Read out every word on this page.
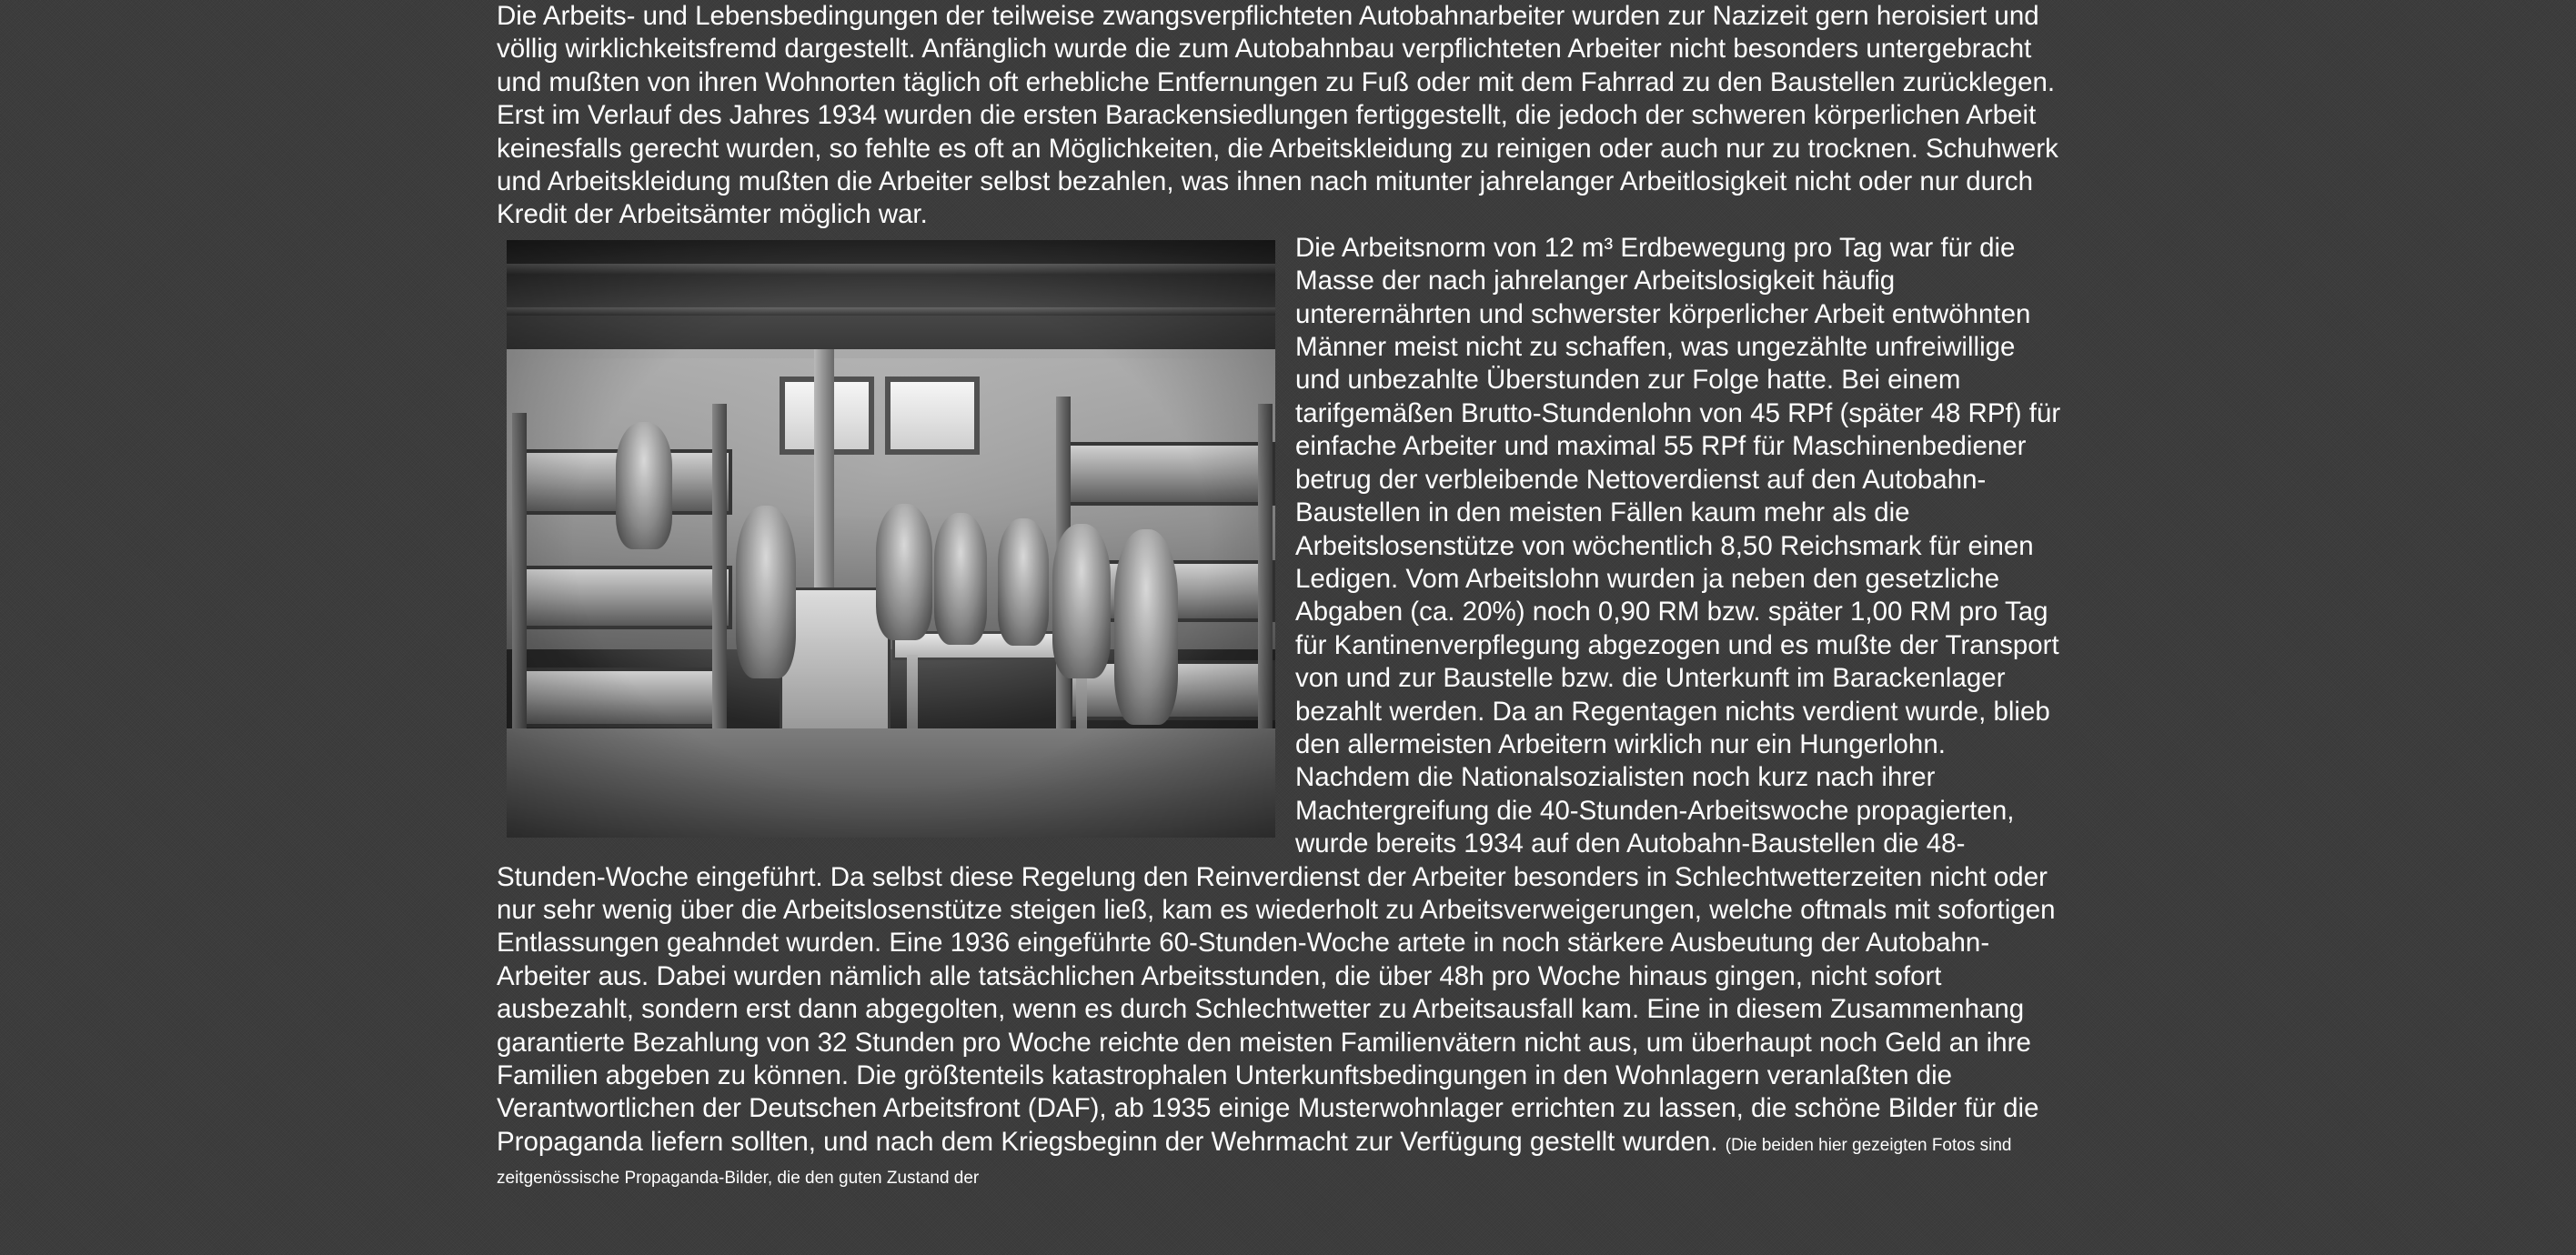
Die Arbeits- und Lebensbedingungen der teilweise zwangsverpflichteten Autobahnarbeiter wurden zur Nazizeit gern heroisiert und völlig wirklichkeitsfremd dargestellt. Anfänglich wurde die zum Autobahnbau verpflichteten Arbeiter nicht besonders untergebracht und mußten von ihren Wohnorten täglich oft erhebliche Entfernungen zu Fuß oder mit dem Fahrrad zu den Baustellen zurücklegen. Erst im Verlauf des Jahres 1934 wurden die ersten Barackensiedlungen fertiggestellt, die jedoch der schweren körperlichen Arbeit keinesfalls gerecht wurden, so fehlte es oft an Möglichkeiten, die Arbeitskleidung zu reinigen oder auch nur zu trocknen. Schuhwerk und Arbeitskleidung mußten die Arbeiter selbst bezahlen, was ihnen nach mitunter jahrelanger Arbeitlosigkeit nicht oder nur durch Kredit der Arbeitsämter möglich war.

Die Arbeitsnorm von 12 m³ Erdbewegung pro Tag war für die Masse der nach jahrelanger Arbeitslosigkeit häufig unterernährten und schwerster körperlicher Arbeit entwöhnten Männer meist nicht zu schaffen, was ungezählte unfreiwillige und unbezahlte Überstunden zur Folge hatte. Bei einem tarifgemäßen Brutto-Stundenlohn von 45 RPf (später 48 RPf) für einfache Arbeiter und maximal 55 RPf für Maschinenbediener betrug der verbleibende Nettoverdienst auf den Autobahn-Baustellen in den meisten Fällen kaum mehr als die Arbeitslosenstütze von wöchentlich 8,50 Reichsmark für einen Ledigen. Vom Arbeitslohn wurden ja neben den gesetzliche Abgaben (ca. 20%) noch 0,90 RM bzw. später 1,00 RM pro Tag für Kantinenverpflegung abgezogen und es mußte der Transport von und zur Baustelle bzw. die Unterkunft im Barackenlager bezahlt werden. Da an Regentagen nichts verdient wurde, blieb den allermeisten Arbeitern wirklich nur ein Hungerlohn. Nachdem die Nationalsozialisten noch kurz nach ihrer Machtergreifung die 40-Stunden-Arbeitswoche propagierten, wurde bereits 1934 auf den Autobahn-Baustellen die 48-Stunden-Woche eingeführt. Da selbst diese Regelung den Reinverdienst der Arbeiter besonders in Schlechtwetterzeiten nicht oder nur sehr wenig über die Arbeitslosenstütze steigen ließ, kam es wiederholt zu Arbeitsverweigerungen, welche oftmals mit sofortigen Entlassungen geahndet wurden. Eine 1936 eingeführte 60-Stunden-Woche artete in noch stärkere Ausbeutung der Autobahn-Arbeiter aus. Dabei wurden nämlich alle tatsächlichen Arbeitsstunden, die über 48h pro Woche hinaus gingen, nicht sofort ausbezahlt, sondern erst dann abgegolten, wenn es durch Schlechtwetter zu Arbeitsausfall kam. Eine in diesem Zusammenhang garantierte Bezahlung von 32 Stunden pro Woche reichte den meisten Familienvätern nicht aus, um überhaupt noch Geld an ihre Familien abgeben zu können. Die größtenteils katastrophalen Unterkunftsbedingungen in den Wohnlagern veranlaßten die Verantwortlichen der Deutschen Arbeitsfront (DAF), ab 1935 einige Musterwohnlager errichten zu lassen, die schöne Bilder für die Propaganda liefern sollten, und nach dem Kriegsbeginn der Wehrmacht zur Verfügung gestellt wurden. (Die beiden hier gezeigten Fotos sind zeitgenössische Propaganda-Bilder, die den guten Zustand der
